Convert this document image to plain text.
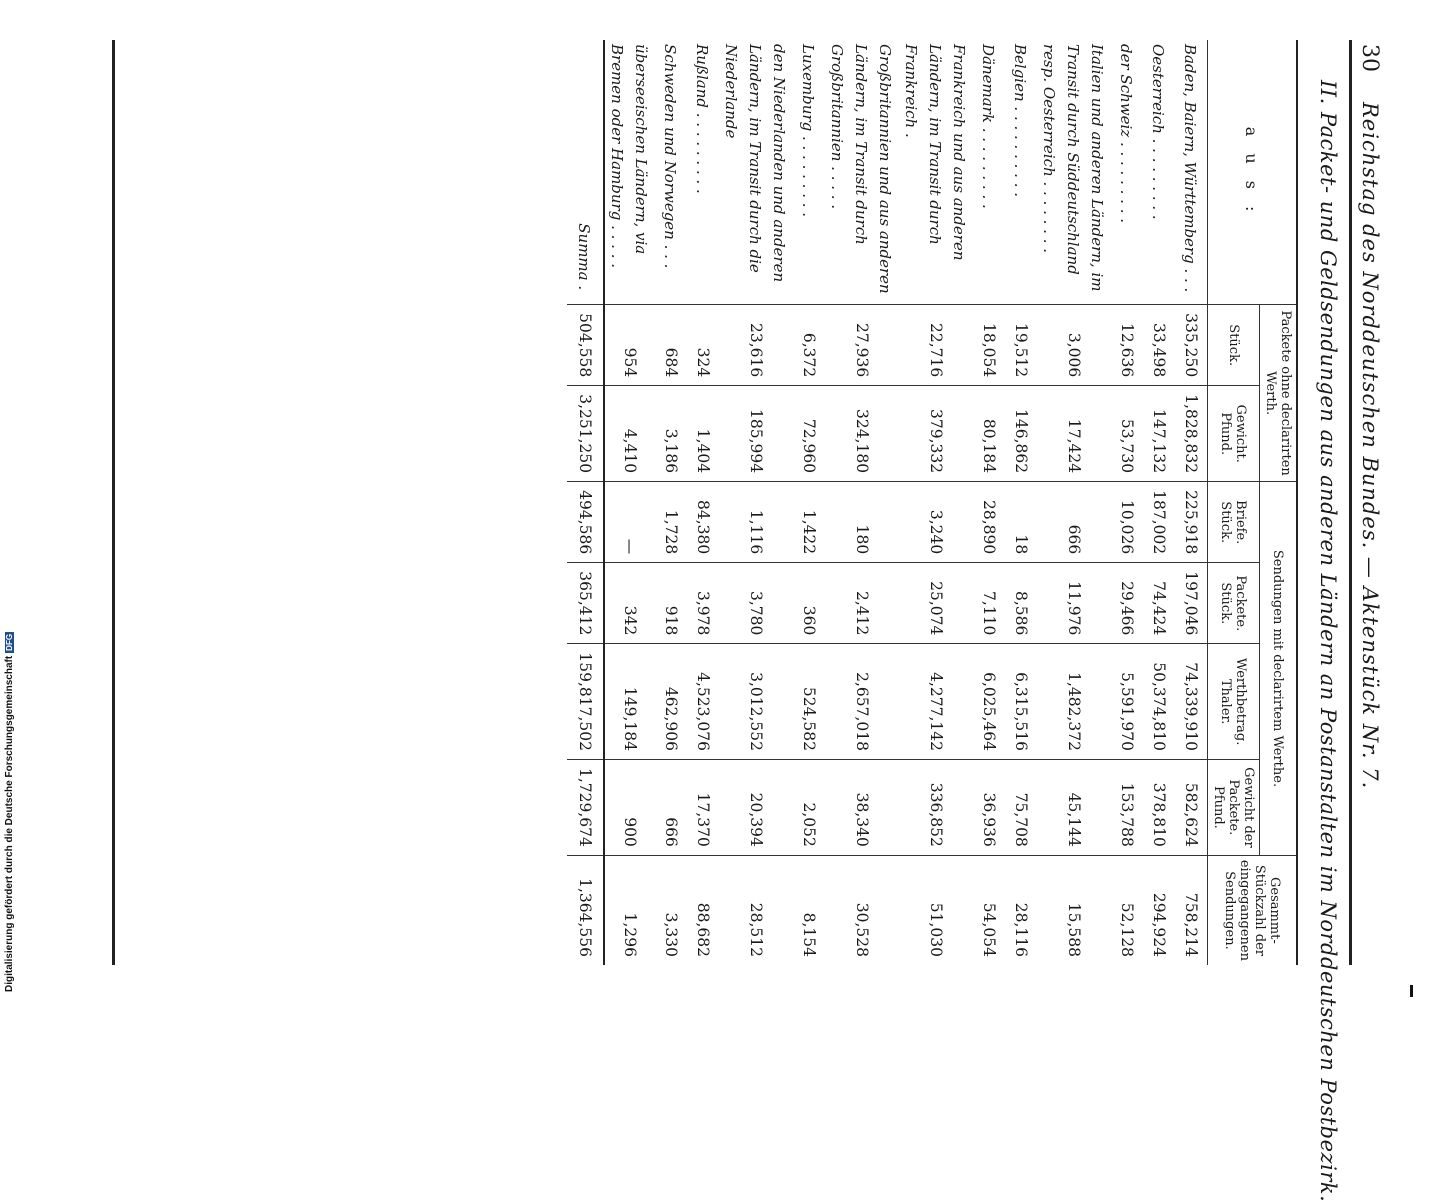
30
Reichstag des Norddeutschen Bundes. — Aktenstück Nr. 7.
II. Packet- und Geldsendungen aus anderen Ländern an Postanstalten im Norddeutschen Postbezirk.
a u s :	Packete ohne declarirten Werth.		Sendungen mit declarirtem Werthe.				Gesammt-Stückzahl der eingegangenen Sendungen.
	Stück.	Gewicht. Pfund.	Briefe. Stück.	Packete. Stück.	Werthbetrag. Thaler.	Gewicht der Packete. Pfund.	
Baden, Baiern, Württemberg . . .	335,250	1,828,832	225,918	197,046	74,339,910	582,624	758,214
Oesterreich . . . . . . . . .	33,498	147,132	187,002	74,424	50,374,810	378,810	294,924
der Schweiz . . . . . . . . .	12,636	53,730	10,026	29,466	5,591,970	153,788	52,128
Italien und anderen Ländern, im Transit durch Süddeutschland resp. Oesterreich . . . . . . . .	3,006	17,424	666	11,976	1,482,372	45,144	15,588
Belgien . . . . . . . . . .	19,512	146,862	18	8,586	6,315,516	75,708	28,116
Dänemark . . . . . . . . .	18,054	80,184	28,890	7,110	6,025,464	36,936	54,054
Frankreich und aus anderen Ländern, im Transit durch Frankreich .	22,716	379,332	3,240	25,074	4,277,142	336,852	51,030
Großbritannien und aus anderen Ländern, im Transit durch Großbritannien . . . . .	27,936	324,180	180	2,412	2,657,018	38,340	30,528
Luxemburg . . . . . . . . .	6,372	72,960	1,422	360	524,582	2,052	8,154
den Niederlanden und anderen Ländern, im Transit durch die Niederlande	23,616	185,994	1,116	3,780	3,012,552	20,394	28,512
Rußland . . . . . . . . .	324	1,404	84,380	3,978	4,523,076	17,370	88,682
Schweden und Norwegen . . .	684	3,186	1,728	918	462,906	666	3,330
überseeischen Ländern, via Bremen oder Hamburg . . . . .	954	4,410	—	342	149,184	900	1,296
Summa .	504,558	3,251,250	494,586	365,412	159,817,502	1,729,674	1,364,556
Digitalisierung gefördert durch die Deutsche ForschungsgemeinschaftDFG
